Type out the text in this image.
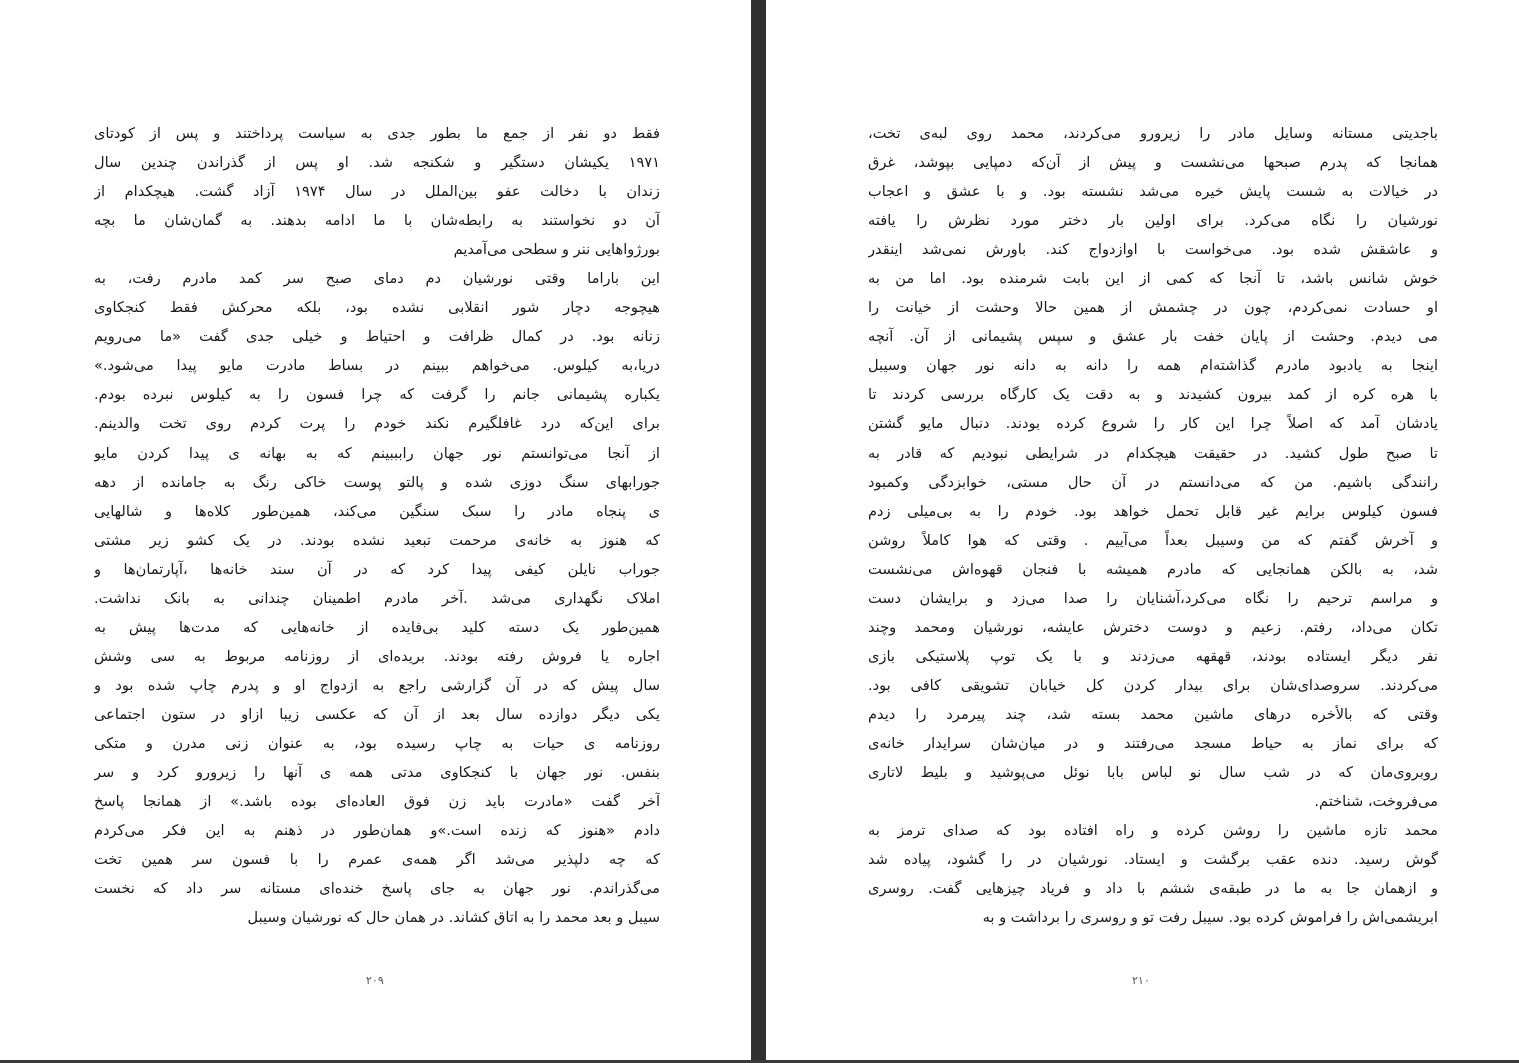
فقط دو نفر از جمع ما بطور جدی به سیاست پرداختند و پس از کودتای
۱۹۷۱ یکیشان دستگیر و شکنجه شد. او پس از گذراندن چندین سال
زندان با دخالت عفو بین‌الملل در سال ۱۹۷۴ آزاد گشت. هیچکدام از
آن دو نخواستند به رابطه‌شان با ما ادامه بدهند. به گمان‌شان ما بچه
بورژواهایی ننر و سطحی می‌آمدیم
این باراما وقتی نورشیان دم دمای صبح سر کمد مادرم رفت، به
هیچوجه دچار شور انقلابی نشده بود، بلکه محرکش فقط کنجکاوی
زنانه بود. در کمال ظرافت و احتیاط و خیلی جدی گفت «ما می‌رویم
دریا،به کیلوس. می‌خواهم ببینم در بساط مادرت مایو پیدا می‌شود.»
یکباره پشیمانی جانم را گرفت که چرا فسون را به کیلوس نبرده بودم.
برای این‌که درد غافلگیرم نکند خودم را پرت کردم روی تخت والدینم.
از آنجا می‌توانستم نور جهان رابببینم که به بهانه ی پیدا کردن مایو
جورابهای سنگ دوزی شده و پالتو پوست خاکی رنگ به جامانده از دهه
ی پنجاه مادر را سبک سنگین می‌کند، همین‌طور کلاه‌ها و شالهایی
که هنوز به خانه‌ی مرحمت تبعید نشده بودند. در یک کشو زیر مشتی
جوراب نایلن کیفی پیدا کرد که در آن سند خانه‌ها ،آپارتمان‌ها و
املاک نگهداری می‌شد .آخر مادرم اطمینان چندانی به بانک نداشت.
همین‌طور یک دسته کلید بی‌فایده از خانه‌هایی که مدت‌ها پیش به
اجاره یا فروش رفته بودند. بریده‌ای از روزنامه مربوط به سی وشش
سال پیش که در آن گزارشی راجع به ازدواج او و پدرم چاپ شده بود و
یکی دیگر دوازده سال بعد از آن که عکسی زیبا ازاو در ستون اجتماعی
روزنامه ی حیات به چاپ رسیده بود، به عنوان زنی مدرن و متکی
بنفس. نور جهان با کنجکاوی مدتی همه ی آنها را زیرورو کرد و سر
آخر گفت «مادرت باید زن فوق العاده‌ای بوده باشد.» از همانجا پاسخ
دادم «هنوز که زنده است.»و همان‌طور در ذهنم به این فکر می‌کردم
که چه دلپذیر می‌شد اگر همه‌ی عمرم را با فسون سر همین تخت
می‌گذراندم. نور جهان به جای پاسخ خنده‌ای مستانه سر داد که نخست
سیبل و بعد محمد را به اتاق کشاند. در همان حال که نورشیان وسیبل
۲۰۹
باجدیتی مستانه وسایل مادر را زیرورو می‌کردند، محمد روی لبه‌ی تخت،
همانجا که پدرم صبحها می‌نشست و پیش از آن‌که دمپایی بپوشد، غرق
در خیالات به شست پایش خیره می‌شد نشسته بود. و با عشق و اعجاب
نورشیان را نگاه می‌کرد. برای اولین بار دختر مورد نظرش را یافته
و عاشقش شده بود. می‌خواست با اوازدواج کند. باورش نمی‌شد اینقدر
خوش شانس باشد، تا آنجا که کمی از این بابت شرمنده بود. اما من به
او حسادت نمی‌کردم، چون در چشمش از همین حالا وحشت از خیانت را
می دیدم. وحشت از پایان خفت بار عشق و سپس پشیمانی از آن. آنچه
اینجا به یادبود مادرم گذاشته‌ام همه را دانه به دانه نور جهان وسیبل
با هره کره از کمد بیرون کشیدند و به دقت یک کارگاه بررسی کردند تا
یادشان آمد که اصلاً چرا این کار را شروع کرده بودند. دنبال مایو گشتن
تا صبح طول کشید. در حقیقت هیچکدام در شرایطی نبودیم که قادر به
رانندگی باشیم. من که می‌دانستم در آن حال مستی، خوابزدگی وکمبود
فسون کیلوس برایم غیر قابل تحمل خواهد بود. خودم را به بی‌میلی زدم
و آخرش گفتم که من وسیبل بعداً می‌آییم . وقتی که هوا کاملاً روشن
شد، به بالکن همانجایی که مادرم همیشه با فنجان قهوه‌اش می‌نشست
و مراسم ترحیم را نگاه می‌کرد،آشنایان را صدا می‌زد و برایشان دست
تکان می‌داد، رفتم. زعیم و دوست دخترش عایشه، نورشیان ومحمد وچند
نفر دیگر ایستاده بودند، قهقهه می‌زدند و با یک توپ پلاستیکی بازی
می‌کردند. سروصدای‌شان برای بیدار کردن کل خیابان تشویقی کافی بود.
وقتی که بالأخره درهای ماشین محمد بسته شد، چند پیرمرد را دیدم
که برای نماز به حیاط مسجد می‌رفتند و در میان‌شان سرایدار خانه‌ی
روبروی‌مان که در شب سال نو لباس بابا نوئل می‌پوشید و بلیط لاتاری
می‌فروخت، شناختم.
محمد تازه ماشین را روشن کرده و راه افتاده بود که صدای ترمز به
گوش رسید. دنده عقب برگشت و ایستاد. نورشیان در را گشود، پیاده شد
و ازهمان جا به ما در طبقه‌ی ششم با داد و فریاد چیزهایی گفت. روسری
ابریشمی‌اش را فراموش کرده بود. سیبل رفت تو و روسری را برداشت و به
۲۱۰
